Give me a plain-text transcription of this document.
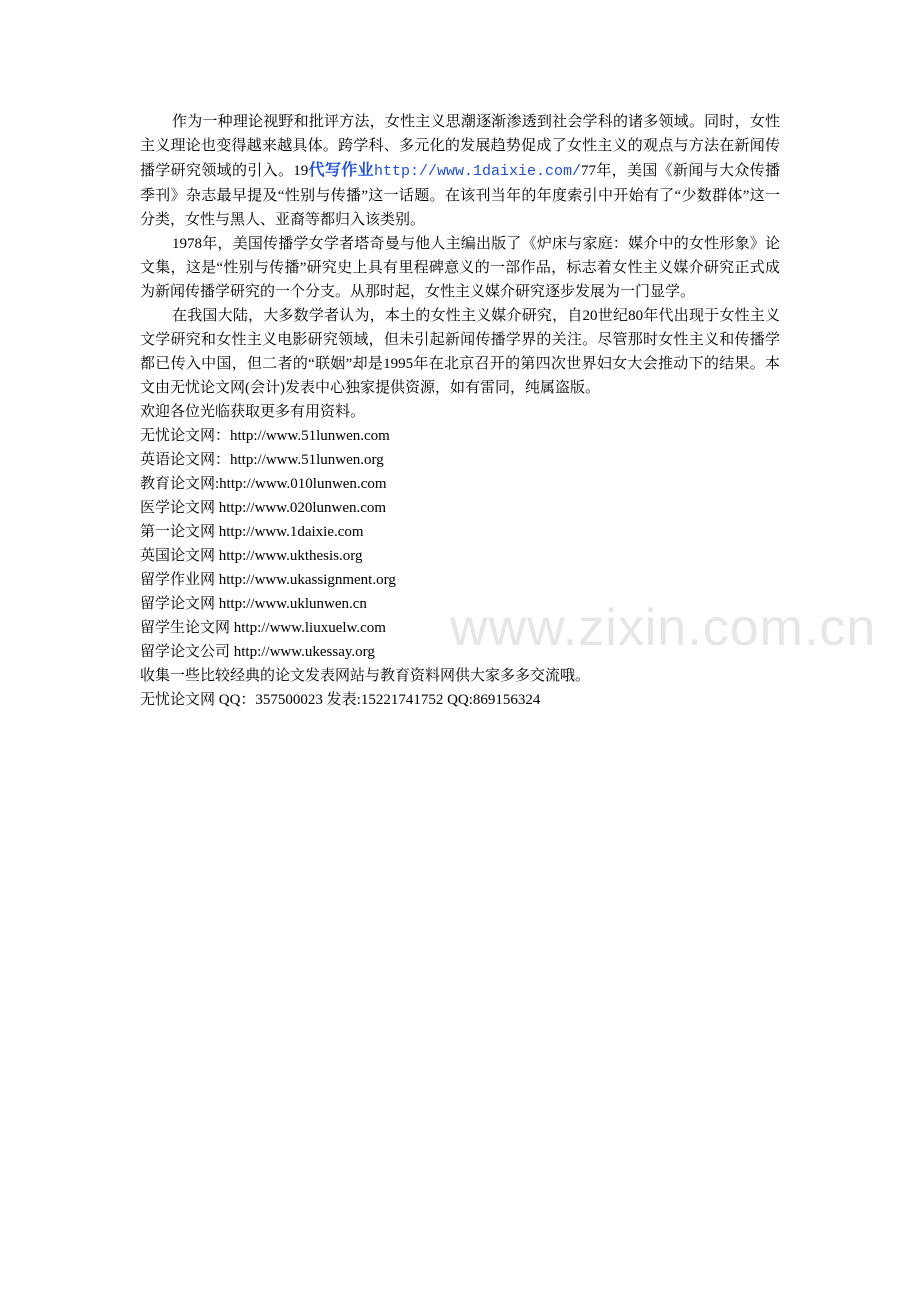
作为一种理论视野和批评方法，女性主义思潮逐渐渗透到社会学科的诸多领域。同时，女性主义理论也变得越来越具体。跨学科、多元化的发展趋势促成了女性主义的观点与方法在新闻传播学研究领域的引入。19代写作业http://www.1daixie.com/77年，美国《新闻与大众传播季刊》杂志最早提及“性别与传播”这一话题。在该刊当年的年度索引中开始有了“少数群体”这一分类，女性与黑人、亚裔等都归入该类别。

1978年，美国传播学女学者塔奇曼与他人主编出版了《炉床与家庭：媒介中的女性形象》论文集，这是“性别与传播”研究史上具有里程碑意义的一部作品，标志着女性主义媒介研究正式成为新闻传播学研究的一个分支。从那时起，女性主义媒介研究逐步发展为一门显学。

在我国大陆，大多数学者认为，本土的女性主义媒介研究，自20世纪80年代出现于女性主义文学研究和女性主义电影研究领域，但未引起新闻传播学界的关注。尽管那时女性主义和传播学都已传入中国，但二者的“联姻”却是1995年在北京召开的第四次世界妇女大会推动下的结果。本文由无忧论文网(会计)发表中心独家提供资源，如有雷同，纯属盗版。

欢迎各位光临获取更多有用资料。

无忧论文网：http://www.51lunwen.com

英语论文网：http://www.51lunwen.org

教育论文网:http://www.010lunwen.com

医学论文网 http://www.020lunwen.com

第一论文网 http://www.1daixie.com

英国论文网 http://www.ukthesis.org

留学作业网 http://www.ukassignment.org

留学论文网 http://www.uklunwen.cn

留学生论文网 http://www.liuxuelw.com

留学论文公司 http://www.ukessay.org

收集一些比较经典的论文发表网站与教育资料网供大家多多交流哦。

无忧论文网 QQ：357500023 发表:15221741752 QQ:869156324

www.zixin.com.cn
